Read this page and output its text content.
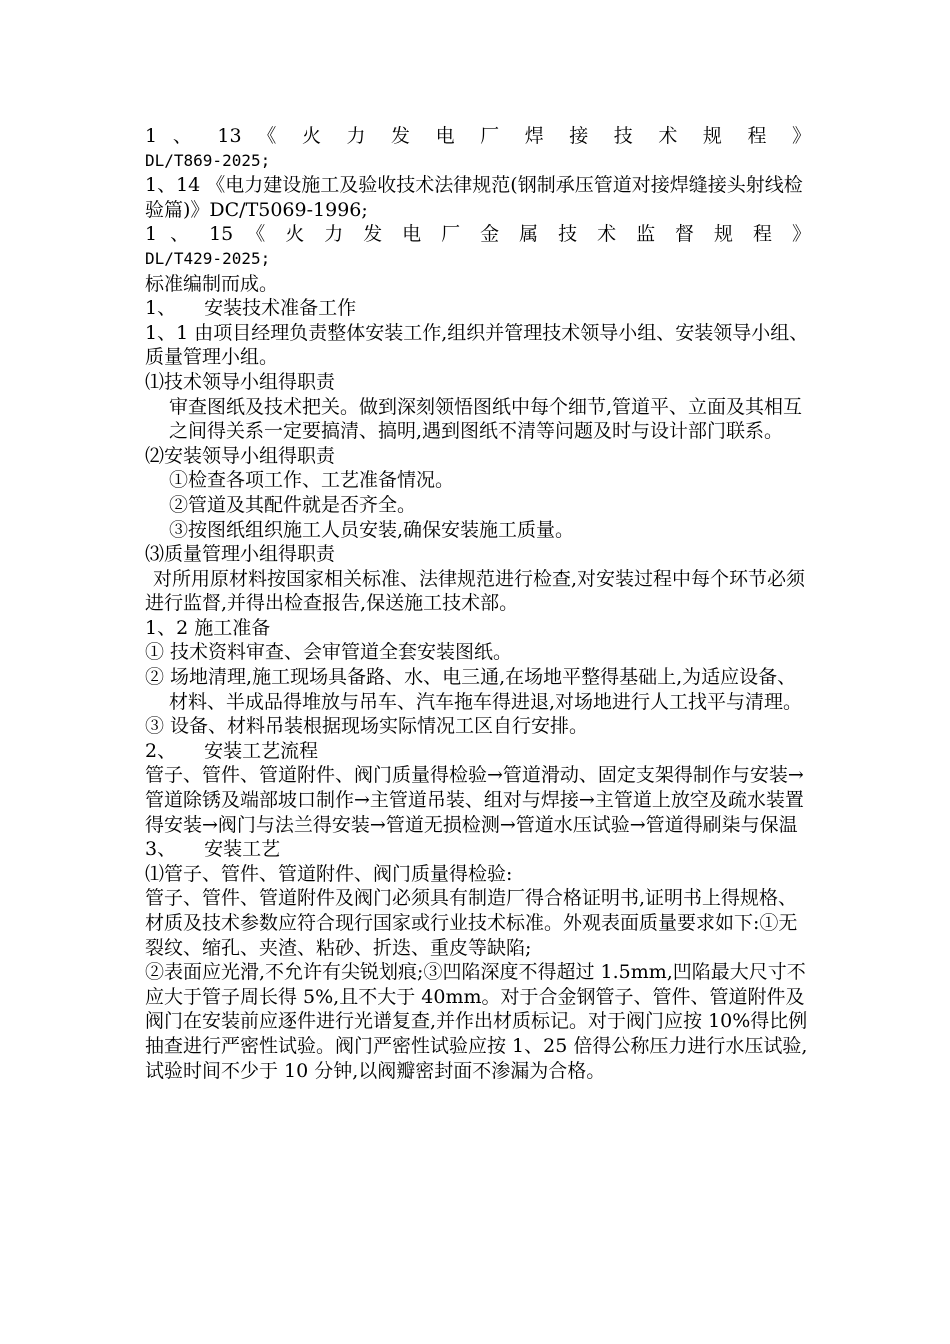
1 、 13 《 火 力 发 电 厂 焊 接 技 术 规 程 》

DL/T869-2025;

1、14 《电力建设施工及验收技术法律规范(钢制承压管道对接焊缝接头射线检验篇)》DC/T5069-1996;

1 、 15 《 火 力 发 电 厂 金 属 技 术 监 督 规 程 》

DL/T429-2025;

标准编制而成。

1、 安装技术准备工作

1、1 由项目经理负责整体安装工作,组织并管理技术领导小组、安装领导小组、质量管理小组。

⑴技术领导小组得职责

审查图纸及技术把关。做到深刻领悟图纸中每个细节,管道平、立面及其相互之间得关系一定要搞清、搞明,遇到图纸不清等问题及时与设计部门联系。

⑵安装领导小组得职责

①检查各项工作、工艺准备情况。

②管道及其配件就是否齐全。

③按图纸组织施工人员安装,确保安装施工质量。

⑶质量管理小组得职责

对所用原材料按国家相关标准、法律规范进行检查,对安装过程中每个环节必须进行监督,并得出检查报告,保送施工技术部。

1、2 施工准备

① 技术资料审查、会审管道全套安装图纸。

② 场地清理,施工现场具备路、水、电三通,在场地平整得基础上,为适应设备、材料、半成品得堆放与吊车、汽车拖车得进退,对场地进行人工找平与清理。

③ 设备、材料吊装根据现场实际情况工区自行安排。

2、 安装工艺流程

管子、管件、管道附件、阀门质量得检验→管道滑动、固定支架得制作与安装→管道除锈及端部坡口制作→主管道吊装、组对与焊接→主管道上放空及疏水装置得安装→阀门与法兰得安装→管道无损检测→管道水压试验→管道得刷柒与保温

3、 安装工艺

⑴管子、管件、管道附件、阀门质量得检验:

管子、管件、管道附件及阀门必须具有制造厂得合格证明书,证明书上得规格、材质及技术参数应符合现行国家或行业技术标准。外观表面质量要求如下:①无裂纹、缩孔、夹渣、粘砂、折迭、重皮等缺陷;

②表面应光滑,不允许有尖锐划痕;③凹陷深度不得超过 1.5mm,凹陷最大尺寸不应大于管子周长得 5%,且不大于 40mm。对于合金钢管子、管件、管道附件及阀门在安装前应逐件进行光谱复查,并作出材质标记。对于阀门应按 10%得比例抽查进行严密性试验。阀门严密性试验应按 1、25 倍得公称压力进行水压试验,试验时间不少于 10 分钟,以阀瓣密封面不渗漏为合格。
